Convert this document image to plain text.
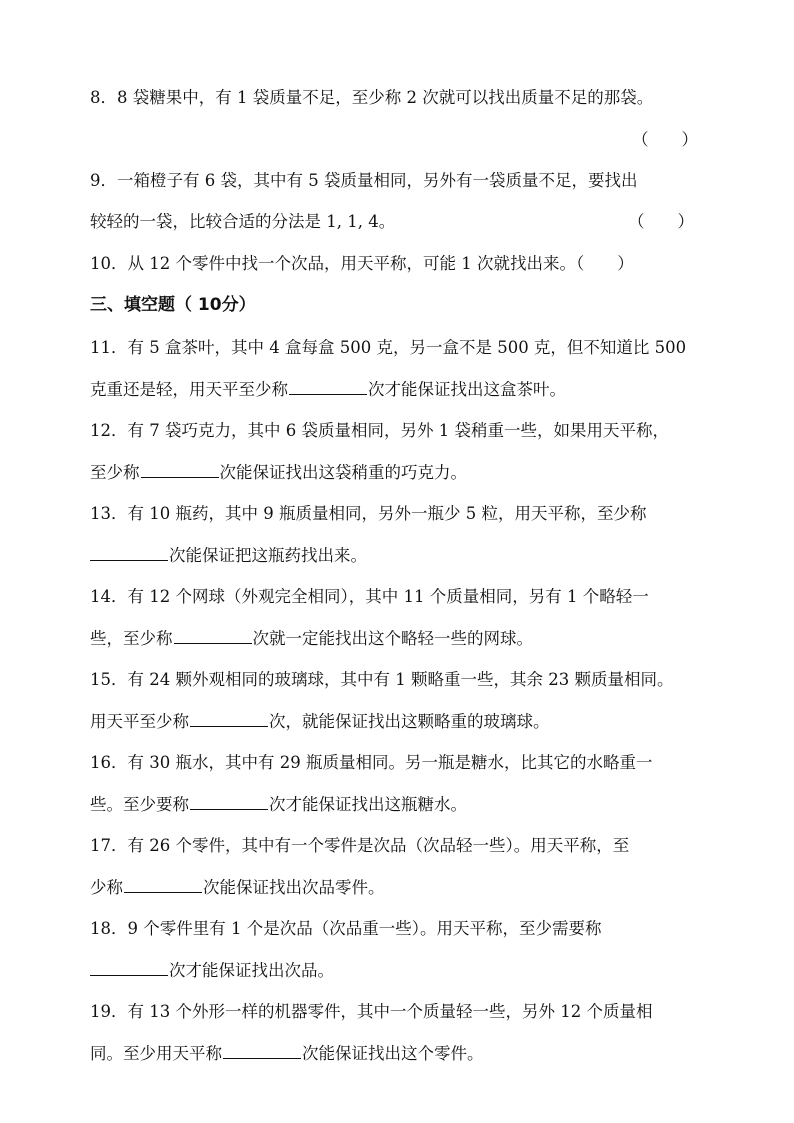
8．8 袋糖果中，有 1 袋质量不足，至少称 2 次就可以找出质量不足的那袋。
（　　）
9．一箱橙子有 6 袋，其中有 5 袋质量相同，另外有一袋质量不足，要找出
较轻的一袋，比较合适的分法是 1, 1, 4。	（　　）
10．从 12 个零件中找一个次品，用天平称，可能 1 次就找出来。（　　）
三、填空题（ 10分）
11．有 5 盒茶叶，其中 4 盒每盒 500 克，另一盒不是 500 克，但不知道比 500
克重还是轻，用天平至少称	次才能保证找出这盒茶叶。
12．有 7 袋巧克力，其中 6 袋质量相同，另外 1 袋稍重一些，如果用天平称，
至少称	次能保证找出这袋稍重的巧克力。
13．有 10 瓶药，其中 9 瓶质量相同，另外一瓶少 5 粒，用天平称，至少称
次能保证把这瓶药找出来。
14．有 12 个网球（外观完全相同），其中 11 个质量相同，另有 1 个略轻一
些，至少称	次就一定能找出这个略轻一些的网球。
15．有 24 颗外观相同的玻璃球，其中有 1 颗略重一些，其余 23 颗质量相同。
用天平至少称	次，就能保证找出这颗略重的玻璃球。
16．有 30 瓶水，其中有 29 瓶质量相同。另一瓶是糖水，比其它的水略重一
些。至少要称	次才能保证找出这瓶糖水。
17．有 26 个零件，其中有一个零件是次品（次品轻一些）。用天平称，至
少称	次能保证找出次品零件。
18．9 个零件里有 1 个是次品（次品重一些）。用天平称，至少需要称
次才能保证找出次品。
19．有 13 个外形一样的机器零件，其中一个质量轻一些，另外 12 个质量相
同。至少用天平称	次能保证找出这个零件。
